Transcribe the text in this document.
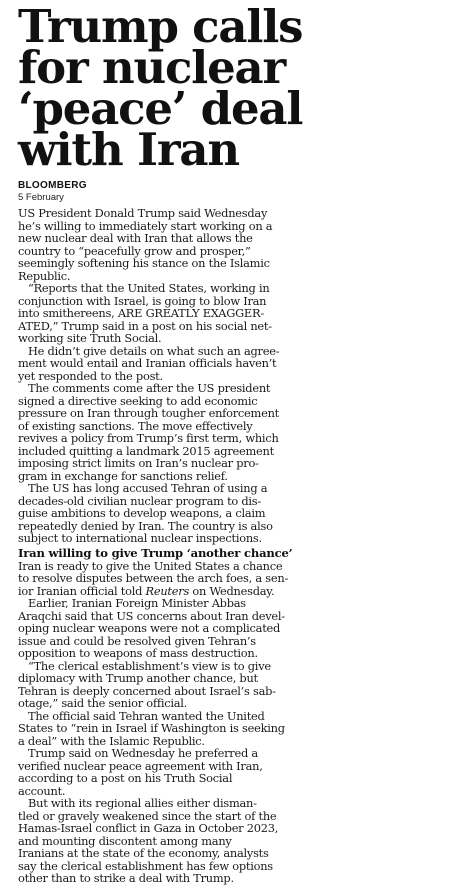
Trump calls
for nuclear
‘peace’ deal
with Iran
BLOOMBERG
5 February
US President Donald Trump said Wednesday
he’s willing to immediately start working on a
new nuclear deal with Iran that allows the
country to “peacefully grow and prosper,”
seemingly softening his stance on the Islamic
Republic.
“Reports that the United States, working in
conjunction with Israel, is going to blow Iran
into smithereens, ARE GREATLY EXAGGER-
ATED,” Trump said in a post on his social net-
working site Truth Social.
He didn’t give details on what such an agree-
ment would entail and Iranian officials haven’t
yet responded to the post.
The comments come after the US president
signed a directive seeking to add economic
pressure on Iran through tougher enforcement
of existing sanctions. The move effectively
revives a policy from Trump’s first term, which
included quitting a landmark 2015 agreement
imposing strict limits on Iran’s nuclear pro-
gram in exchange for sanctions relief.
The US has long accused Tehran of using a
decades-old civilian nuclear program to dis-
guise ambitions to develop weapons, a claim
repeatedly denied by Iran. The country is also
subject to international nuclear inspections.
Iran willing to give Trump ‘another chance’
Iran is ready to give the United States a chance
to resolve disputes between the arch foes, a sen-
ior Iranian official told Reuters on Wednesday.
Earlier, Iranian Foreign Minister Abbas
Araqchi said that US concerns about Iran devel-
oping nuclear weapons were not a complicated
issue and could be resolved given Tehran’s
opposition to weapons of mass destruction.
“The clerical establishment’s view is to give
diplomacy with Trump another chance, but
Tehran is deeply concerned about Israel’s sab-
otage,” said the senior official.
The official said Tehran wanted the United
States to “rein in Israel if Washington is seeking
a deal” with the Islamic Republic.
Trump said on Wednesday he preferred a
verified nuclear peace agreement with Iran,
according to a post on his Truth Social
account.
But with its regional allies either disman-
tled or gravely weakened since the start of the
Hamas-Israel conflict in Gaza in October 2023,
and mounting discontent among many
Iranians at the state of the economy, analysts
say the clerical establishment has few options
other than to strike a deal with Trump.
